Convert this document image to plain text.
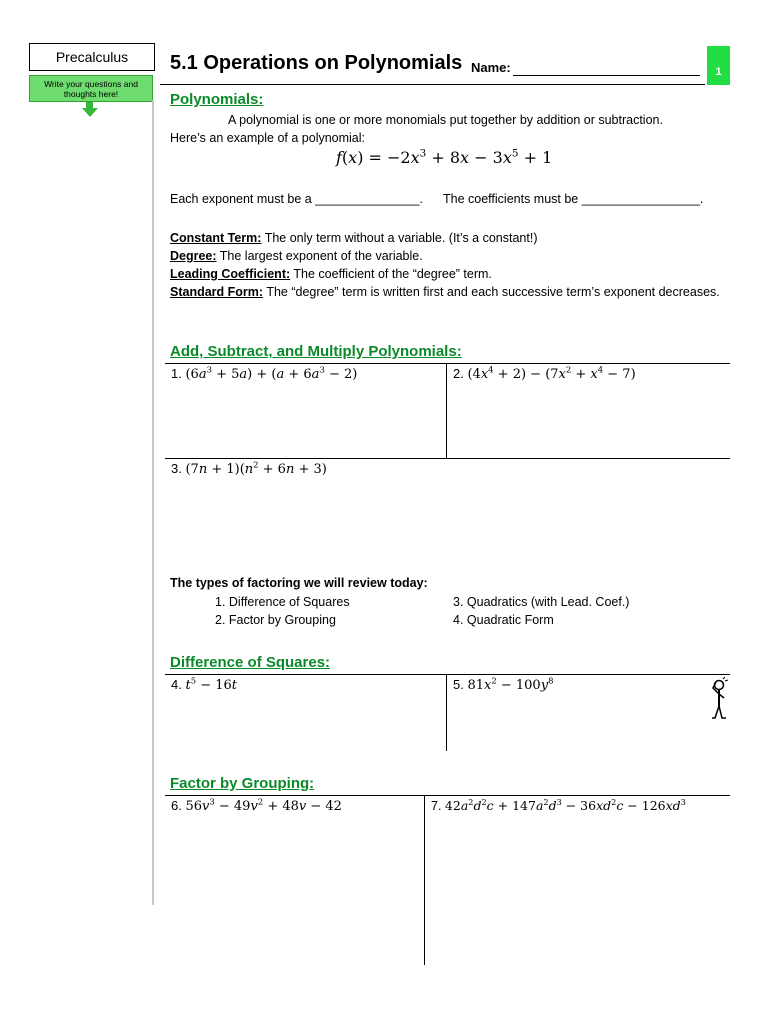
Precalculus
Write your questions and thoughts here!
5.1 Operations on Polynomials Name:	1
Polynomials:
A polynomial is one or more monomials put together by addition or subtraction.
Here’s an example of a polynomial:
$f(x) = -2x^3 + 8x - 3x^5 + 1$
Each exponent must be a _______________. The coefficients must be _________________.
Constant Term: The only term without a variable. (It’s a constant!)
Degree: The largest exponent of the variable.
Leading Coefficient: The coefficient of the “degree” term.
Standard Form: The “degree” term is written first and each successive term’s exponent decreases.
Add, Subtract, and Multiply Polynomials:
1. $(6a^3 + 5a) + (a + 6a^3 - 2)$	2. $(4x^4 + 2) - (7x^2 + x^4 - 7)$
3. $(7n + 1)(n^2 + 6n + 3)$
The types of factoring we will review today:
1. Difference of Squares
2. Factor by Grouping
3. Quadratics (with Lead. Coef.)
4. Quadratic Form
Difference of Squares:
4. $t^5 - 16t$	5. $81x^2 - 100y^8$
Factor by Grouping:
6. $56v^3 - 49v^2 + 48v - 42$	7. $42a^2d^2c + 147a^2d^3 - 36xd^2c - 126xd^3$
